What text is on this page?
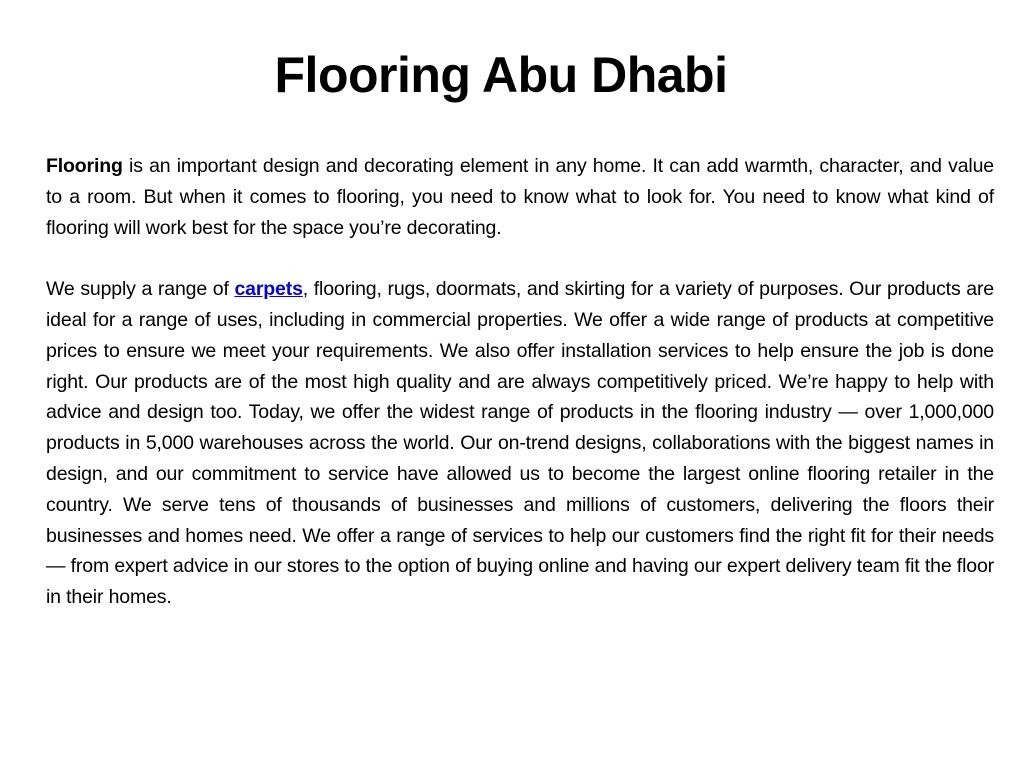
Flooring Abu Dhabi

Flooring is an important design and decorating element in any home. It can add warmth, character, and value to a room. But when it comes to flooring, you need to know what to look for. You need to know what kind of flooring will work best for the space you’re decorating.

We supply a range of carpets, flooring, rugs, doormats, and skirting for a variety of purposes. Our products are ideal for a range of uses, including in commercial properties. We offer a wide range of products at competitive prices to ensure we meet your requirements. We also offer installation services to help ensure the job is done right. Our products are of the most high quality and are always competitively priced. We’re happy to help with advice and design too. Today, we offer the widest range of products in the flooring industry — over 1,000,000 products in 5,000 warehouses across the world. Our on-trend designs, collaborations with the biggest names in design, and our commitment to service have allowed us to become the largest online flooring retailer in the country. We serve tens of thousands of businesses and millions of customers, delivering the floors their businesses and homes need. We offer a range of services to help our customers find the right fit for their needs — from expert advice in our stores to the option of buying online and having our expert delivery team fit the floor in their homes.
